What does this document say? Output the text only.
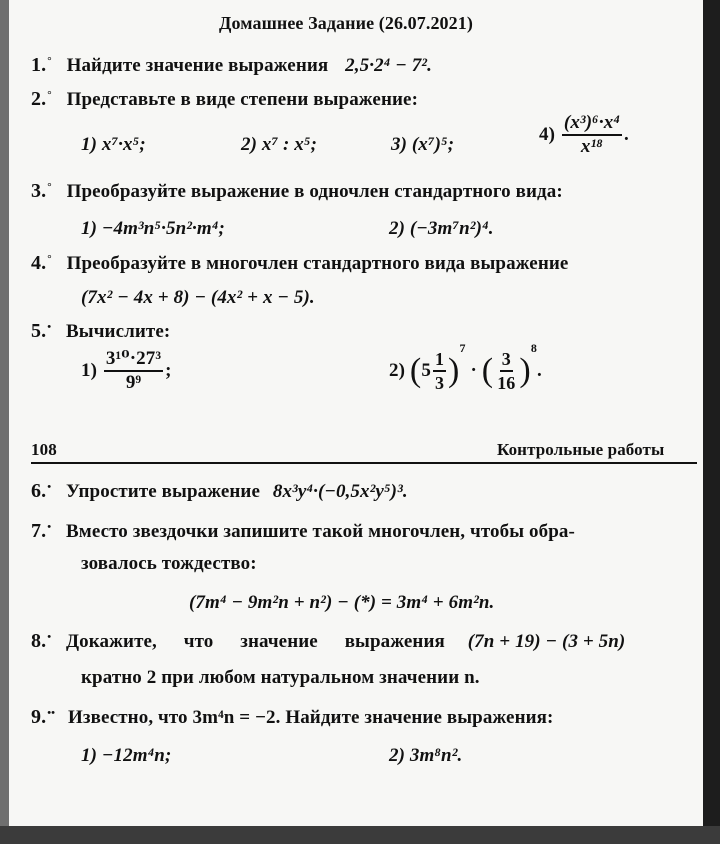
Домашнее Задание (26.07.2021)
1.° Найдите значение выражения 2,5·2⁴ − 7².
2.° Представьте в виде степени выражение:
1) x⁷·x⁵;	2) x⁷ : x⁵;	3) (x⁷)⁵;	$4) \frac{\text{(x³)⁶·x⁴}}{\text{x¹⁸}}$ .
3.° Преобразуйте выражение в одночлен стандартного вида:
1) −4m³n⁵·5n²·m⁴;	2) (−3m⁷n²)⁴.
4.° Преобразуйте в многочлен стандартного вида выражение
(7x² − 4x + 8) − (4x² + x − 5).
5.• Вычислите:
$1) \frac{\text{3¹⁰·27³}}{\text{9⁹}}$ ;	2) $(5 \frac{1}{3} )^7$ · ( $\frac{3}{16} )^8$.
108	Контрольные работы
6.• Упростите выражение 8x³y⁴·(−0,5x²y⁵)³.
7.• Вместо звездочки запишите такой многочлен, чтобы обра-
зовалось тождество:
(7m⁴ − 9m²n + n²) − (*) = 3m⁴ + 6m²n.
8.• Докажите, что значение выражения (7n + 19) − (3 + 5n)
кратно 2 при любом натуральном значении n.
9.•• Известно, что 3m⁴n = −2. Найдите значение выражения:
1) −12m⁴n;	2) 3m⁸n².
